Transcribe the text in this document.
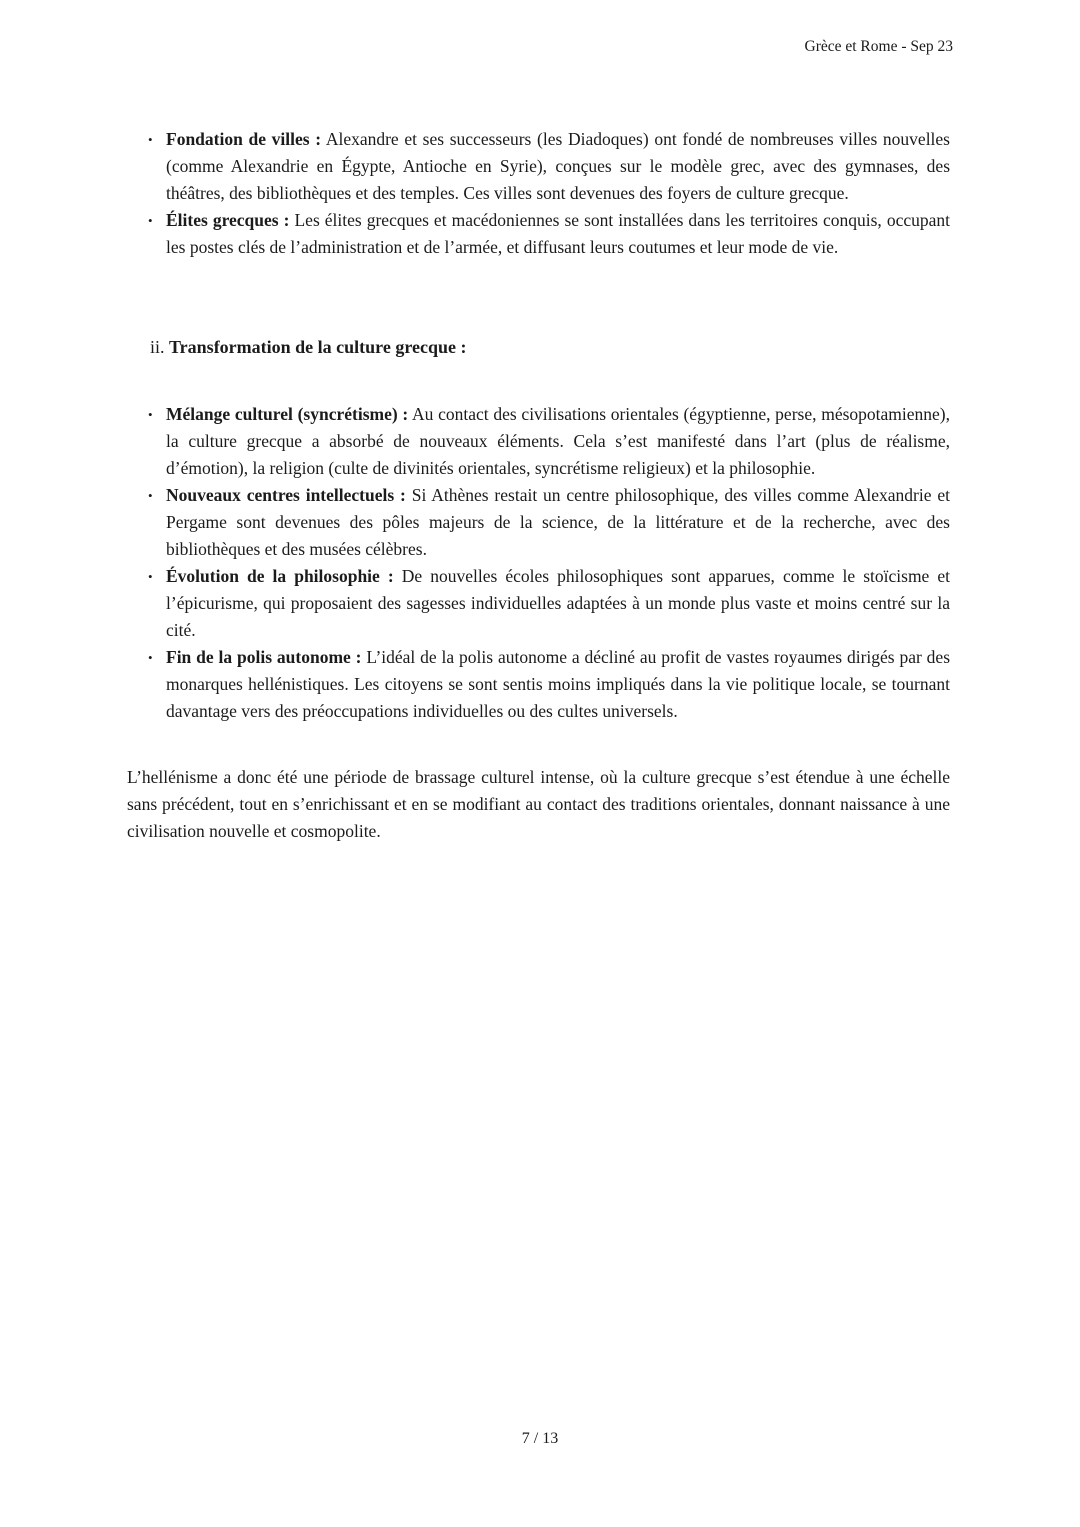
Grèce et Rome - Sep 23
• Fondation de villes : Alexandre et ses successeurs (les Diadoques) ont fondé de nombreuses villes nouvelles (comme Alexandrie en Égypte, Antioche en Syrie), conçues sur le modèle grec, avec des gymnases, des théâtres, des bibliothèques et des temples. Ces villes sont devenues des foyers de culture grecque.
• Élites grecques : Les élites grecques et macédoniennes se sont installées dans les territoires conquis, occupant les postes clés de l’administration et de l’armée, et diffusant leurs coutumes et leur mode de vie.
ii. Transformation de la culture grecque :
• Mélange culturel (syncrétisme) : Au contact des civilisations orientales (égyptienne, perse, mésopotamienne), la culture grecque a absorbé de nouveaux éléments. Cela s’est manifesté dans l’art (plus de réalisme, d’émotion), la religion (culte de divinités orientales, syncrétisme religieux) et la philosophie.
• Nouveaux centres intellectuels : Si Athènes restait un centre philosophique, des villes comme Alexandrie et Pergame sont devenues des pôles majeurs de la science, de la littérature et de la recherche, avec des bibliothèques et des musées célèbres.
• Évolution de la philosophie : De nouvelles écoles philosophiques sont apparues, comme le stoïcisme et l’épicurisme, qui proposaient des sagesses individuelles adaptées à un monde plus vaste et moins centré sur la cité.
• Fin de la polis autonome : L’idéal de la polis autonome a décliné au profit de vastes royaumes dirigés par des monarques hellénistiques. Les citoyens se sont sentis moins impliqués dans la vie politique locale, se tournant davantage vers des préoccupations individuelles ou des cultes universels.

L’hellénisme a donc été une période de brassage culturel intense, où la culture grecque s’est étendue à une échelle sans précédent, tout en s’enrichissant et en se modifiant au contact des traditions orientales, donnant naissance à une civilisation nouvelle et cosmopolite.

7 / 13
